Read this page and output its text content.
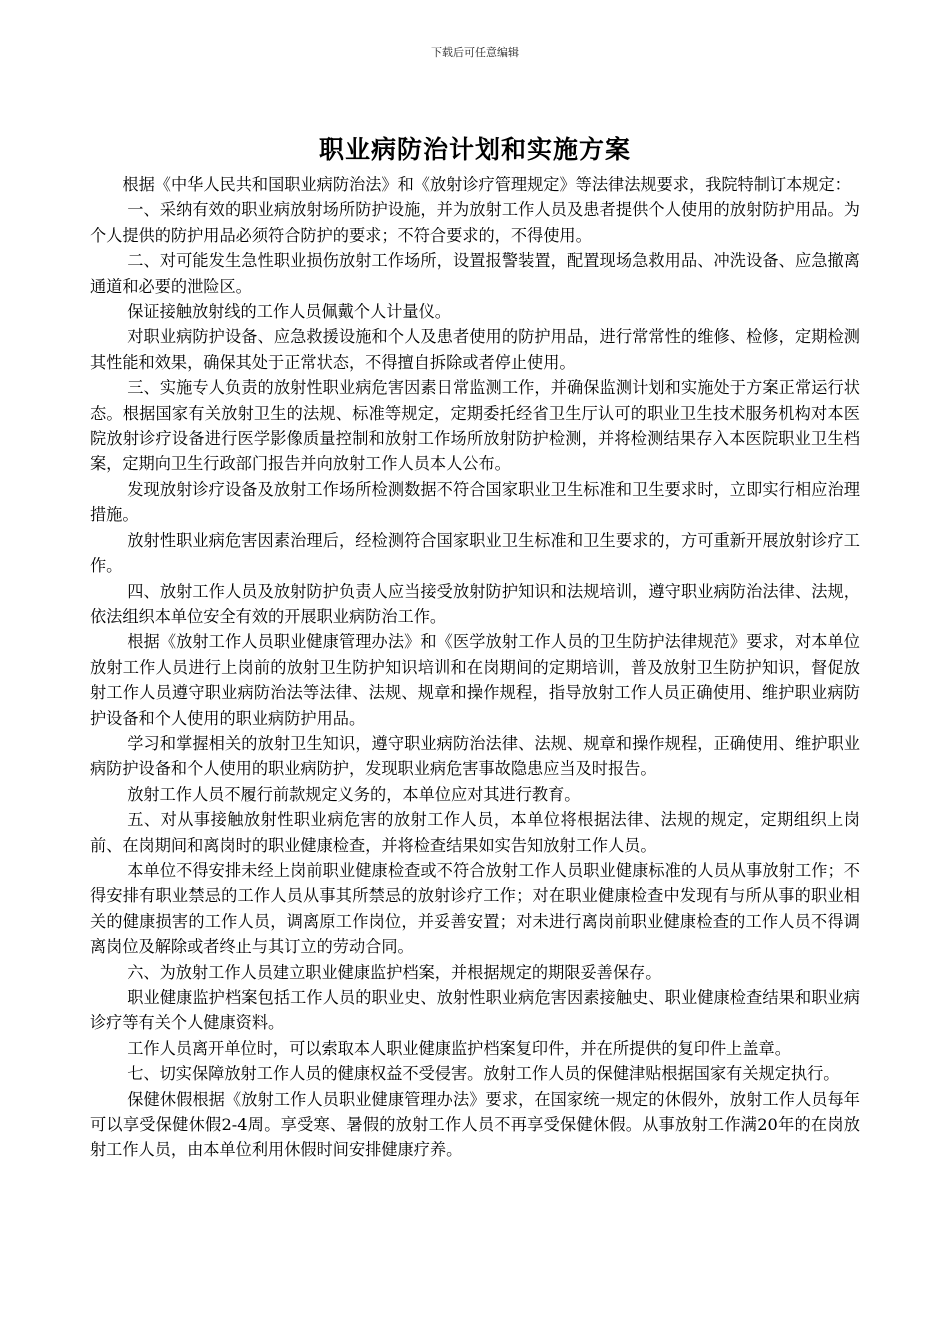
下载后可任意编辑
职业病防治计划和实施方案

根据《中华人民共和国职业病防治法》和《放射诊疗管理规定》等法律法规要求，我院特制订本规定：

一、采纳有效的职业病放射场所防护设施，并为放射工作人员及患者提供个人使用的放射防护用品。为个人提供的防护用品必须符合防护的要求；不符合要求的，不得使用。

二、对可能发生急性职业损伤放射工作场所，设置报警装置，配置现场急救用品、冲洗设备、应急撤离通道和必要的泄险区。

保证接触放射线的工作人员佩戴个人计量仪。

对职业病防护设备、应急救援设施和个人及患者使用的防护用品，进行常常性的维修、检修，定期检测其性能和效果，确保其处于正常状态，不得擅自拆除或者停止使用。

三、实施专人负责的放射性职业病危害因素日常监测工作，并确保监测计划和实施处于方案正常运行状态。根据国家有关放射卫生的法规、标准等规定，定期委托经省卫生厅认可的职业卫生技术服务机构对本医院放射诊疗设备进行医学影像质量控制和放射工作场所放射防护检测，并将检测结果存入本医院职业卫生档案，定期向卫生行政部门报告并向放射工作人员本人公布。

发现放射诊疗设备及放射工作场所检测数据不符合国家职业卫生标准和卫生要求时，立即实行相应治理措施。

放射性职业病危害因素治理后，经检测符合国家职业卫生标准和卫生要求的，方可重新开展放射诊疗工作。

四、放射工作人员及放射防护负责人应当接受放射防护知识和法规培训，遵守职业病防治法律、法规，依法组织本单位安全有效的开展职业病防治工作。

根据《放射工作人员职业健康管理办法》和《医学放射工作人员的卫生防护法律规范》要求，对本单位放射工作人员进行上岗前的放射卫生防护知识培训和在岗期间的定期培训，普及放射卫生防护知识，督促放射工作人员遵守职业病防治法等法律、法规、规章和操作规程，指导放射工作人员正确使用、维护职业病防护设备和个人使用的职业病防护用品。

学习和掌握相关的放射卫生知识，遵守职业病防治法律、法规、规章和操作规程，正确使用、维护职业病防护设备和个人使用的职业病防护，发现职业病危害事故隐患应当及时报告。

放射工作人员不履行前款规定义务的，本单位应对其进行教育。

五、对从事接触放射性职业病危害的放射工作人员，本单位将根据法律、法规的规定，定期组织上岗前、在岗期间和离岗时的职业健康检查，并将检查结果如实告知放射工作人员。

本单位不得安排未经上岗前职业健康检查或不符合放射工作人员职业健康标准的人员从事放射工作；不得安排有职业禁忌的工作人员从事其所禁忌的放射诊疗工作；对在职业健康检查中发现有与所从事的职业相关的健康损害的工作人员，调离原工作岗位，并妥善安置；对未进行离岗前职业健康检查的工作人员不得调离岗位及解除或者终止与其订立的劳动合同。

六、为放射工作人员建立职业健康监护档案，并根据规定的期限妥善保存。

职业健康监护档案包括工作人员的职业史、放射性职业病危害因素接触史、职业健康检查结果和职业病诊疗等有关个人健康资料。

工作人员离开单位时，可以索取本人职业健康监护档案复印件，并在所提供的复印件上盖章。

七、切实保障放射工作人员的健康权益不受侵害。放射工作人员的保健津贴根据国家有关规定执行。

保健休假根据《放射工作人员职业健康管理办法》要求，在国家统一规定的休假外，放射工作人员每年可以享受保健休假2-4周。享受寒、暑假的放射工作人员不再享受保健休假。从事放射工作满20年的在岗放射工作人员，由本单位利用休假时间安排健康疗养。
